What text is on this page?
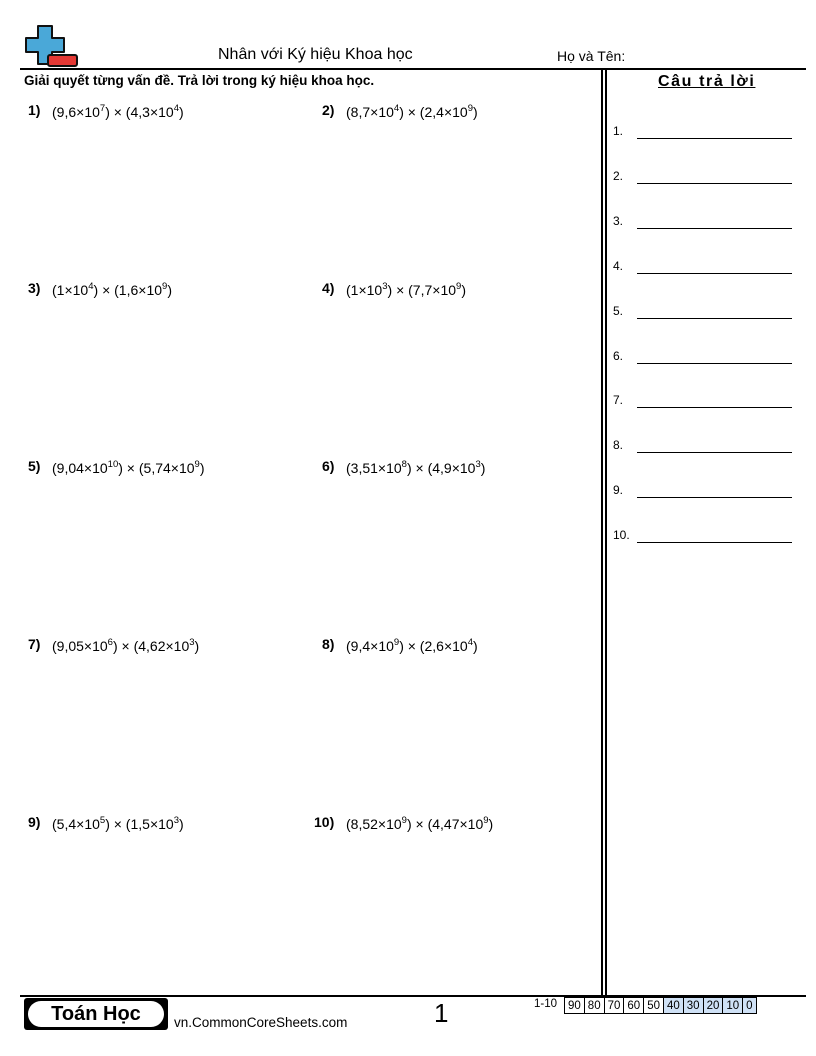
Nhân với Ký hiệu Khoa học	Họ và Tên:
Giải quyết từng vấn đề. Trả lời trong ký hiệu khoa học.
1) $(9,6\times 10^7) \times (4,3\times 10^4)$	2) $(8,7\times 10^4) \times (2,4\times 10^9)$
3) $(1\times 10^4) \times (1,6\times 10^9)$	4) $(1\times 10^3) \times (7,7\times 10^9)$
5) $(9,04\times 10^{10}) \times (5,74\times 10^9)$	6) $(3,51\times 10^8) \times (4,9\times 10^3)$
7) $(9,05\times 10^6) \times (4,62\times 10^3)$	8) $(9,4\times 10^9) \times (2,6\times 10^4)$
9) $(5,4\times 10^5) \times (1,5\times 10^3)$	10) $(8,52\times 10^9) \times (4,47\times 10^9)$
Câu trả lời
1.
2.
3.
4.
5.
6.
7.
8.
9.
10.
Toán Học	vn.CommonCoreSheets.com	1	1-10 90	80	70	60	50	40	30	20	10	0
